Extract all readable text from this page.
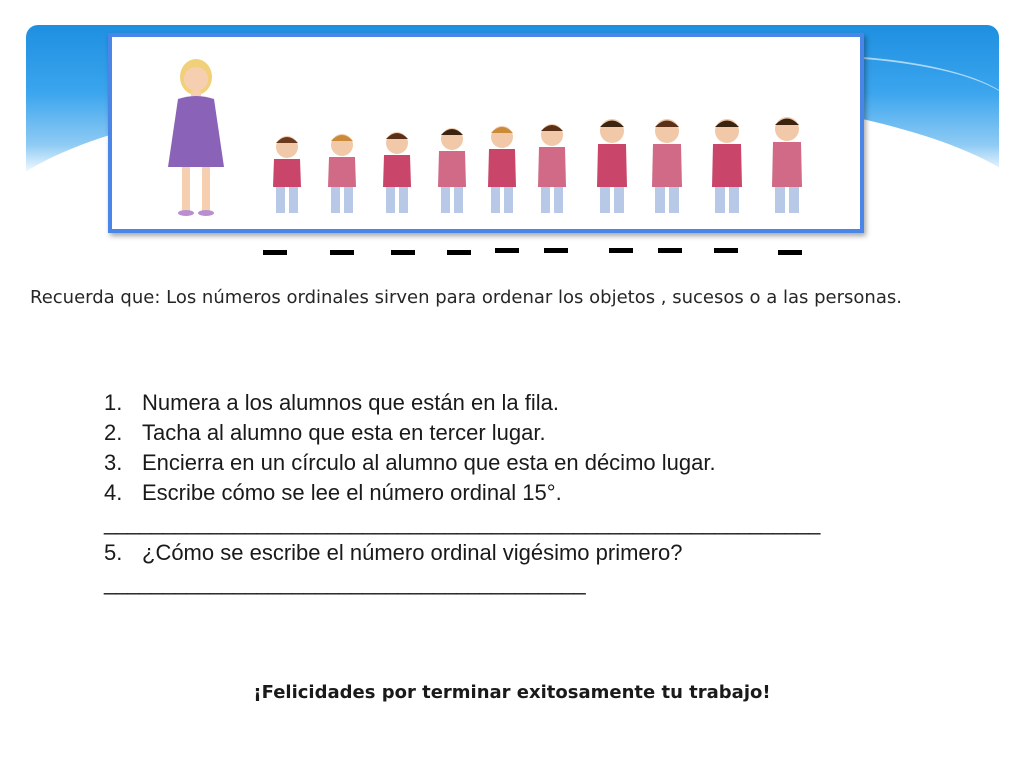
Recuerda que: Los números ordinales sirven para ordenar los objetos , sucesos o a las personas.
1. Numera a los alumnos que están en la fila.
2. Tacha al alumno que esta en tercer lugar.
3. Encierra en un círculo al alumno que esta en décimo lugar.
4. Escribe cómo se lee el número ordinal 15°.
_____________________________________________________________
5. ¿Cómo se escribe el número ordinal vigésimo primero?
_________________________________________
¡Felicidades por terminar exitosamente tu trabajo!
